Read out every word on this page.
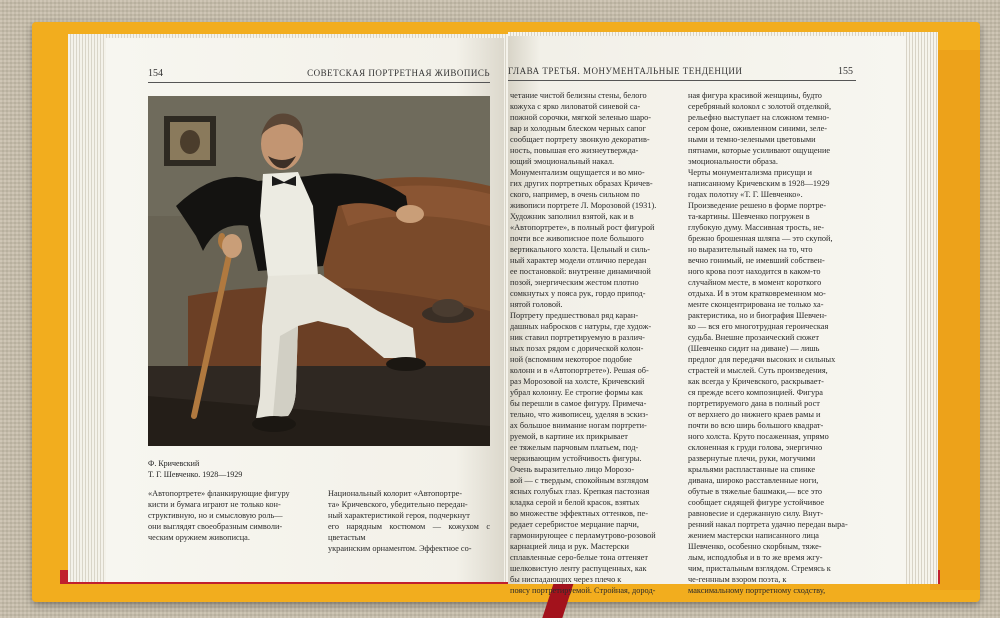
154	СОВЕТСКАЯ ПОРТРЕТНАЯ ЖИВОПИСЬ
Ф. Кричевский
Т. Г. Шевченко. 1928—1929
«Автопортрете» фланкирующие фигуру
кисти и бумага играют не только кон-
структивную, но и смысловую роль—
они выглядят своеобразным символи-
ческим оружием живописца.
Национальный колорит «Автопортре-
та» Кричевского, убедительно передан-
ный характеристикой героя, подчеркнут
его нарядным костюмом — кожухом с цветастым
украинским орнаментом. Эффектное со-
ГЛАВА ТРЕТЬЯ. МОНУМЕНТАЛЬНЫЕ ТЕНДЕНЦИИ	155
четание чистой белизны стены, белого
кожуха с ярко лиловатой синевой са-
пожной сорочки, мягкой зеленью шаро-
вар и холодным блеском черных сапог
сообщает портрету звонкую декоратив-
ность, повышая его жизнеутвержда-
ющий эмоциональный накал.
Монументализм ощущается и во мно-
гих других портретных образах Кричев-
ского, например, в очень сильном по
живописи портрете Л. Морозовой (1931).
Художник заполнил взятой, как и в
«Автопортрете», в полный рост фигурой
почти все живописное поле большого
вертикального холста. Цельный и силь-
ный характер модели отлично передан
ее постановкой: внутренне динамичной
позой, энергическим жестом плотно
сомкнутых у пояса рук, гордо припод-
нятой головой.
Портрету предшествовал ряд каран-
дашных набросков с натуры, где худож-
ник ставил портретируемую в различ-
ных позах рядом с дорической колон-
ной (вспомним некоторое подобие
колонн и в «Автопортрете»). Решая об-
раз Морозовой на холсте, Кричевский
убрал колонну. Ее строгие формы как
бы перешли в самое фигуру. Примеча-
тельно, что живописец, уделяя в эскиз-
ах большое внимание ногам портрети-
руемой, в картине их прикрывает
ее тяжелым парчовым платьем, под-
черкивающим устойчивость фигуры.
Очень выразительно лицо Морозо-
вой — с твердым, спокойным взглядом
ясных голубых глаз. Крепкая пастозная
кладка серой и белой красок, взятых
во множестве эффектных оттенков, пе-
редает серебристое мерцание парчи,
гармонирующее с перламутрово-розовой
карнацией лица и рук. Мастерски
сплавленные серо-белые тона оттеняет
шелковистую ленту распущенных, как
бы ниспадающих через плечо к
поясу портретируемой. Стройная, дород-
ная фигура красивой женщины, будто
серебряный колокол с золотой отделкой,
рельефно выступает на сложном темно-
сером фоне, оживленном синими, зеле-
ными и темно-зелеными цветовыми
пятнами, которые усиливают ощущение
эмоциональности образа.
Черты монументализма присущи и
написанному Кричевским в 1928—1929
годах полотну «Т. Г. Шевченко».
Произведение решено в форме портре-
та-картины. Шевченко погружен в
глубокую думу. Массивная трость, не-
брежно брошенная шляпа — это скупой,
но выразительный намек на то, что
вечно гонимый, не имевший собствен-
ного крова поэт находится в каком-то
случайном месте, в момент короткого
отдыха. И в этом кратковременном мо-
менте сконцентрирована не только ха-
рактеристика, но и биография Шевчен-
ко — вся его многотрудная героическая
судьба. Внешне прозаический сюжет
(Шевченко сидит на диване) — лишь
предлог для передачи высоких и сильных
страстей и мыслей. Суть произведения,
как всегда у Кричевского, раскрывает-
ся прежде всего композицией. Фигура
портретируемого дана в полный рост
от верхнего до нижнего краев рамы и
почти во всю ширь большого квадрат-
ного холста. Круто посаженная, упрямо
склоненная к груди голова, энергично
развернутые плечи, руки, могучими
крыльями распластанные на спинке
дивана, широко расставленные ноги,
обутые в тяжелые башмаки,— все это
сообщает сидящей фигуре устойчивое
равновесие и сдержанную силу. Внут-
ренний накал портрета удачно передан выра-
жением мастерски написанного лица
Шевченко, особенно скорбным, тяже-
лым, исподлобья и в то же время жгу-
чим, пристальным взглядом. Стремясь к
че-геннным взором поэта, к
максимальному портретному сходству,
